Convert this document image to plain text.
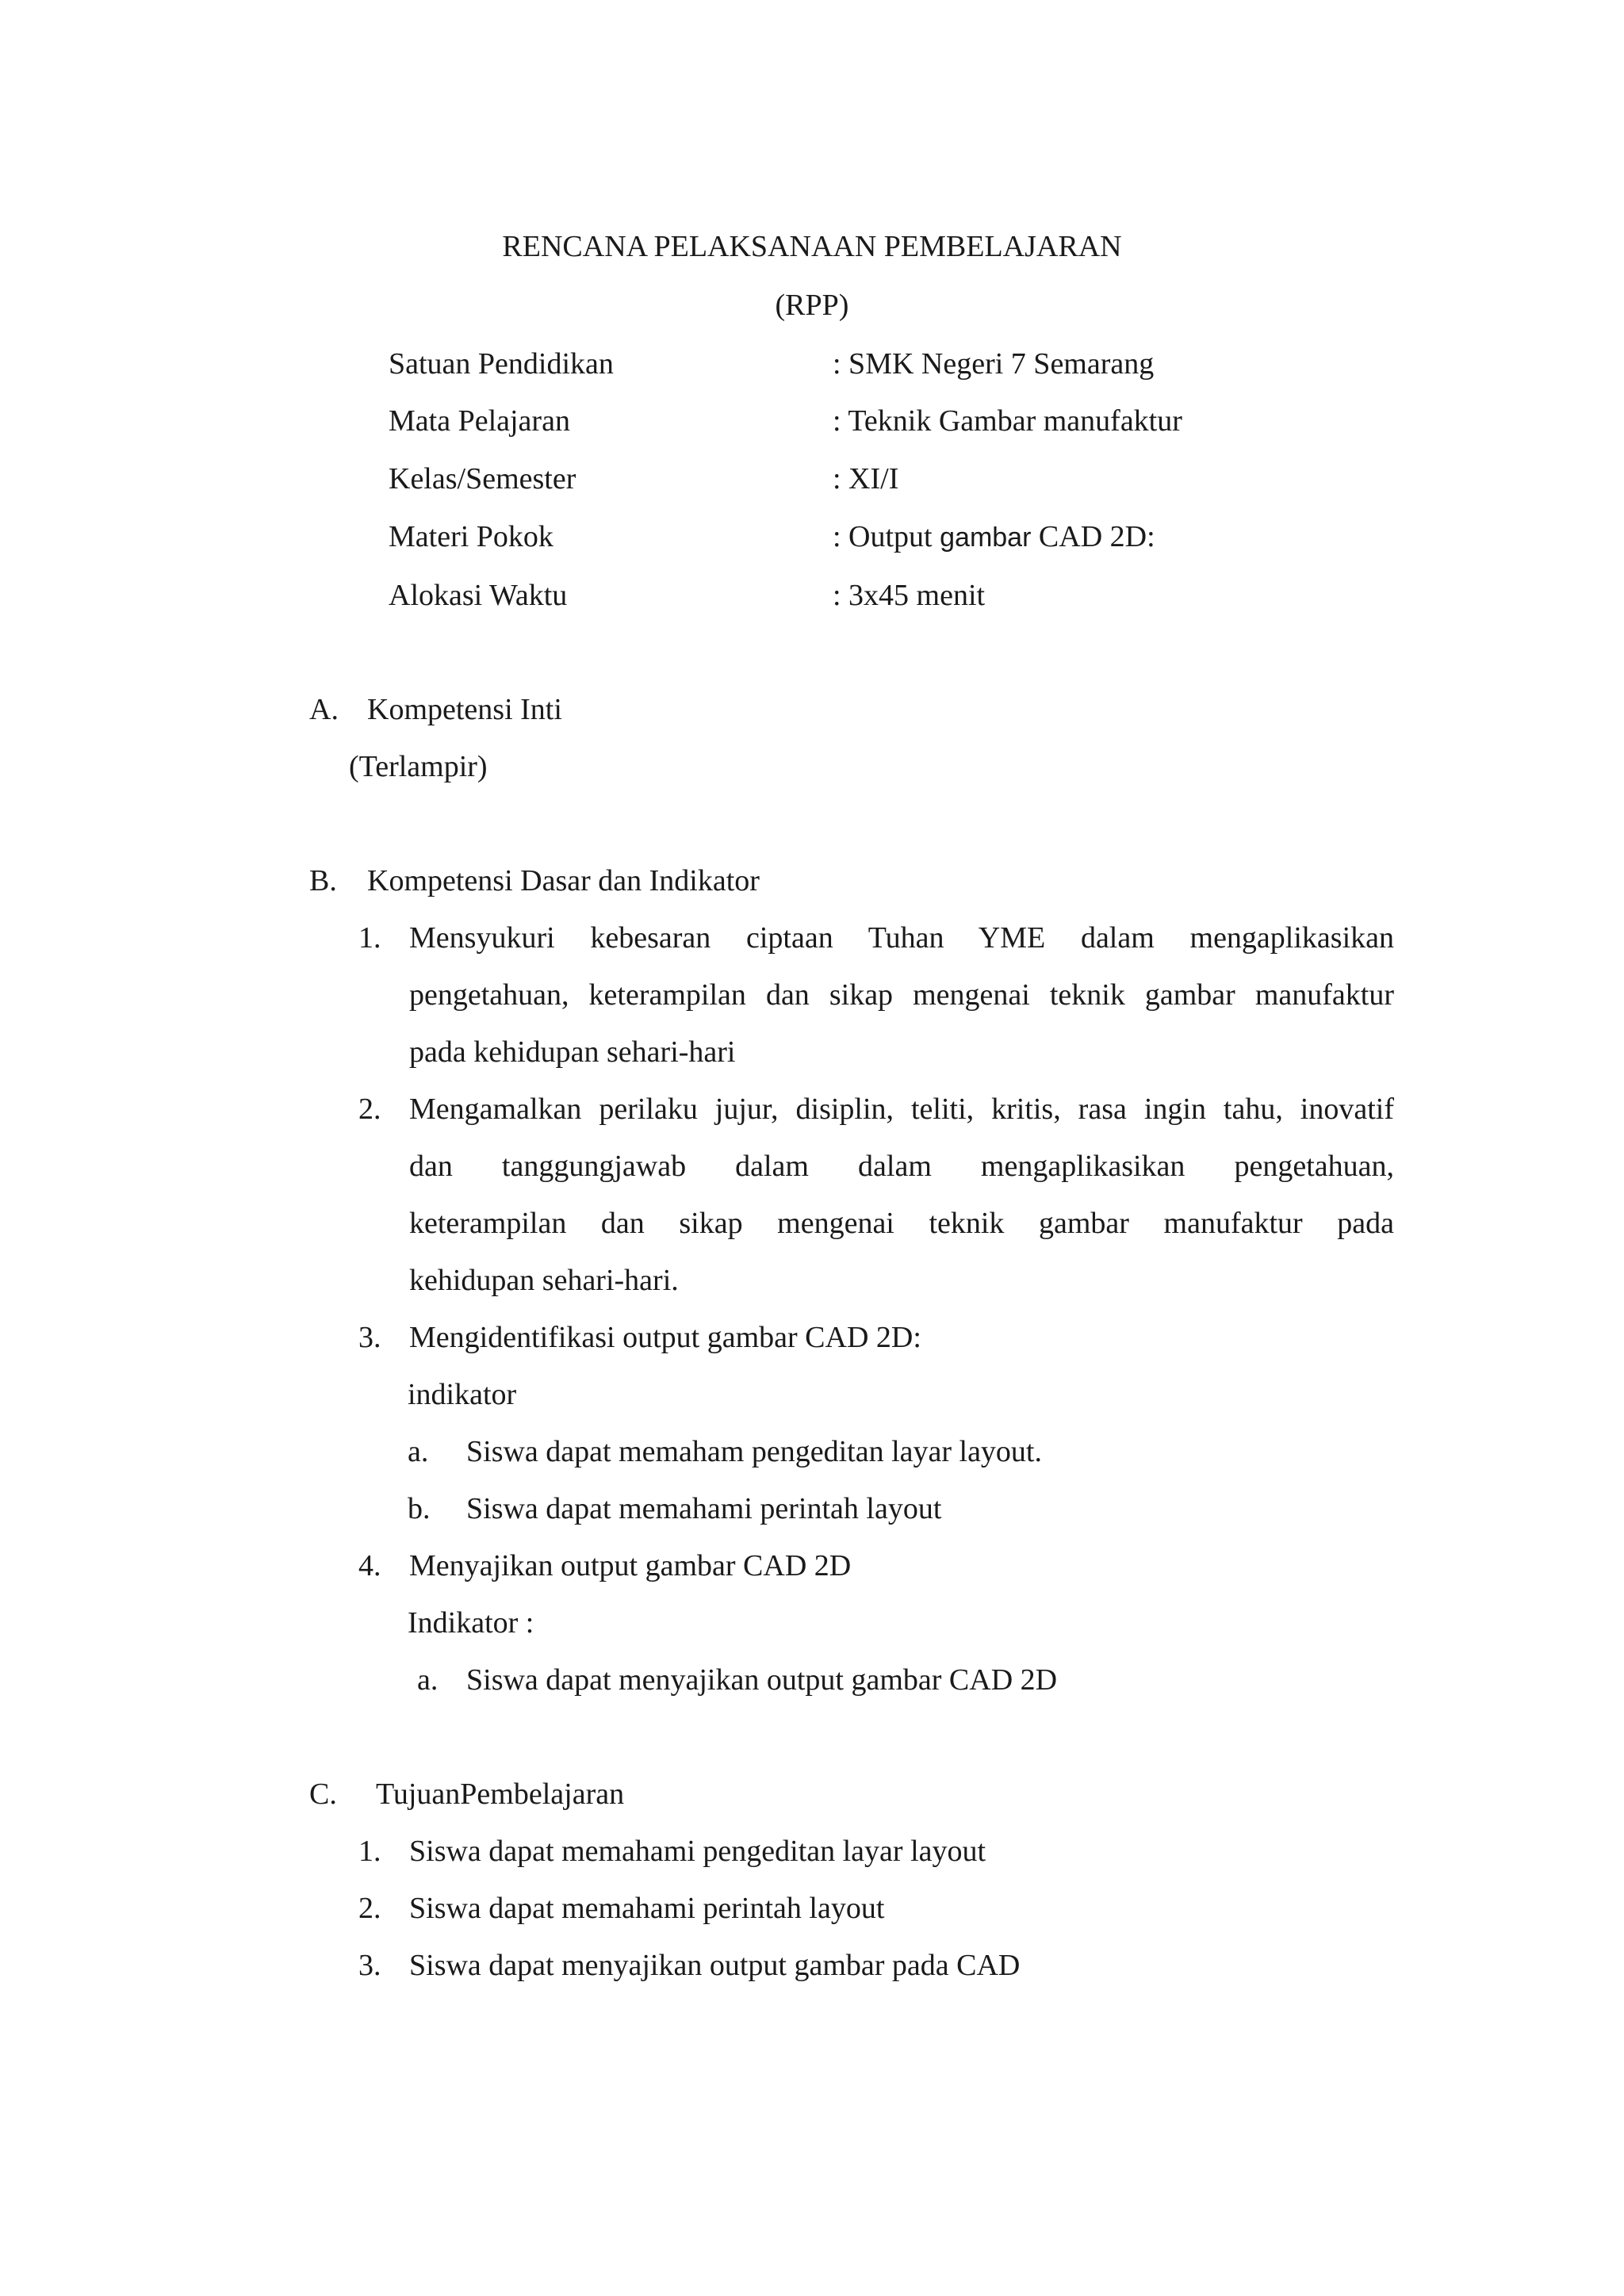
RENCANA PELAKSANAAN PEMBELAJARAN
(RPP)
Satuan Pendidikan	: SMK Negeri 7 Semarang
Mata Pelajaran	: Teknik Gambar manufaktur
Kelas/Semester	: XI/I
Materi Pokok	: Output gambar CAD 2D:
Alokasi Waktu	: 3x45 menit
A. Kompetensi Inti
(Terlampir)
B. Kompetensi Dasar dan Indikator
1. Mensyukuri kebesaran ciptaan Tuhan YME dalam mengaplikasikan
pengetahuan, keterampilan dan sikap mengenai teknik gambar manufaktur
pada kehidupan sehari-hari
2. Mengamalkan perilaku jujur, disiplin, teliti, kritis, rasa ingin tahu, inovatif
dan tanggungjawab dalam dalam mengaplikasikan pengetahuan,
keterampilan dan sikap mengenai teknik gambar manufaktur pada
kehidupan sehari-hari.
3. Mengidentifikasi output gambar CAD 2D:
indikator
a. Siswa dapat memaham pengeditan layar layout.
b. Siswa dapat memahami perintah layout
4. Menyajikan output gambar CAD 2D
Indikator :
a. Siswa dapat menyajikan output gambar CAD 2D
C. TujuanPembelajaran
1. Siswa dapat memahami pengeditan layar layout
2. Siswa dapat memahami perintah layout
3. Siswa dapat menyajikan output gambar pada CAD
